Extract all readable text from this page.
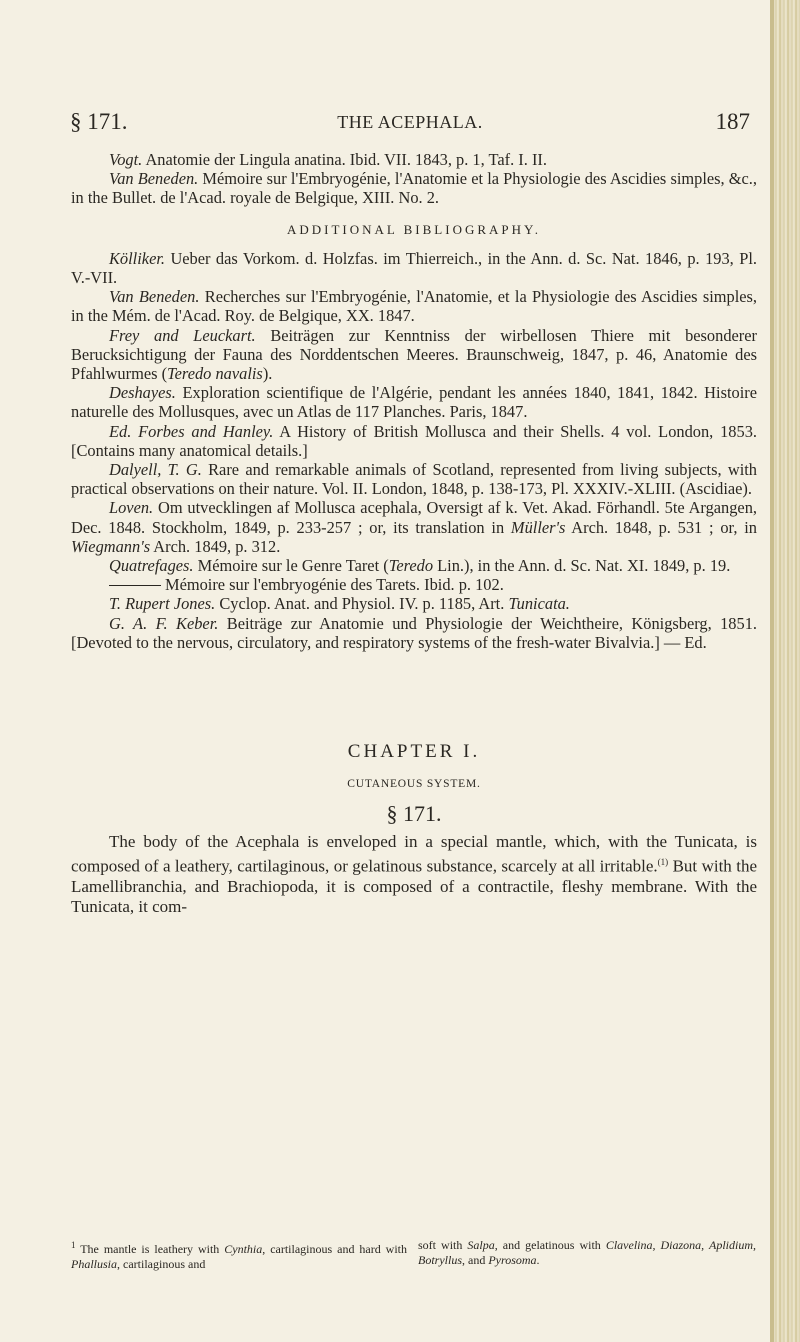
§ 171.	THE ACEPHALA.	187

Vogt. Anatomie der Lingula anatina. Ibid. VII. 1843, p. 1, Taf. I. II.

Van Beneden. Mémoire sur l'Embryogénie, l'Anatomie et la Physiologie des Ascidies simples, &c., in the Bullet. de l'Acad. royale de Belgique, XIII. No. 2.

ADDITIONAL BIBLIOGRAPHY.

Kölliker. Ueber das Vorkom. d. Holzfas. im Thierreich., in the Ann. d. Sc. Nat. 1846, p. 193, Pl. V.-VII.

Van Beneden. Recherches sur l'Embryogénie, l'Anatomie, et la Physiologie des Ascidies simples, in the Mém. de l'Acad. Roy. de Belgique, XX. 1847.

Frey and Leuckart. Beiträgen zur Kenntniss der wirbellosen Thiere mit besonderer Berucksichtigung der Fauna des Norddentschen Meeres. Braunschweig, 1847, p. 46, Anatomie des Pfahlwurmes (Teredo navalis).

Deshayes. Exploration scientifique de l'Algérie, pendant les années 1840, 1841, 1842. Histoire naturelle des Mollusques, avec un Atlas de 117 Planches. Paris, 1847.

Ed. Forbes and Hanley. A History of British Mollusca and their Shells. 4 vol. London, 1853. [Contains many anatomical details.]

Dalyell, T. G. Rare and remarkable animals of Scotland, represented from living subjects, with practical observations on their nature. Vol. II. London, 1848, p. 138-173, Pl. XXXIV.-XLIII. (Ascidiae).

Loven. Om utvecklingen af Mollusca acephala, Oversigt af k. Vet. Akad. Förhandl. 5te Argangen, Dec. 1848. Stockholm, 1849, p. 233-257 ; or, its translation in Müller's Arch. 1848, p. 531 ; or, in Wiegmann's Arch. 1849, p. 312.

Quatrefages. Mémoire sur le Genre Taret (Teredo Lin.), in the Ann. d. Sc. Nat. XI. 1849, p. 19.

Mémoire sur l'embryogénie des Tarets. Ibid. p. 102.

T. Rupert Jones. Cyclop. Anat. and Physiol. IV. p. 1185, Art. Tunicata.

G. A. F. Keber. Beiträge zur Anatomie und Physiologie der Weichtheire, Königsberg, 1851. [Devoted to the nervous, circulatory, and respiratory systems of the fresh-water Bivalvia.] — Ed.

CHAPTER I.
CUTANEOUS SYSTEM.
§ 171.

The body of the Acephala is enveloped in a special mantle, which, with the Tunicata, is composed of a leathery, cartilaginous, or gelatinous substance, scarcely at all irritable.$^{(1)}$ But with the Lamellibranchia, and Brachiopoda, it is composed of a contractile, fleshy membrane. With the Tunicata, it com-

$^1$ The mantle is leathery with Cynthia, cartilaginous and hard with Phallusia, cartilaginous and

soft with Salpa, and gelatinous with Clavelina, Diazona, Aplidium, Botryllus, and Pyrosoma.
